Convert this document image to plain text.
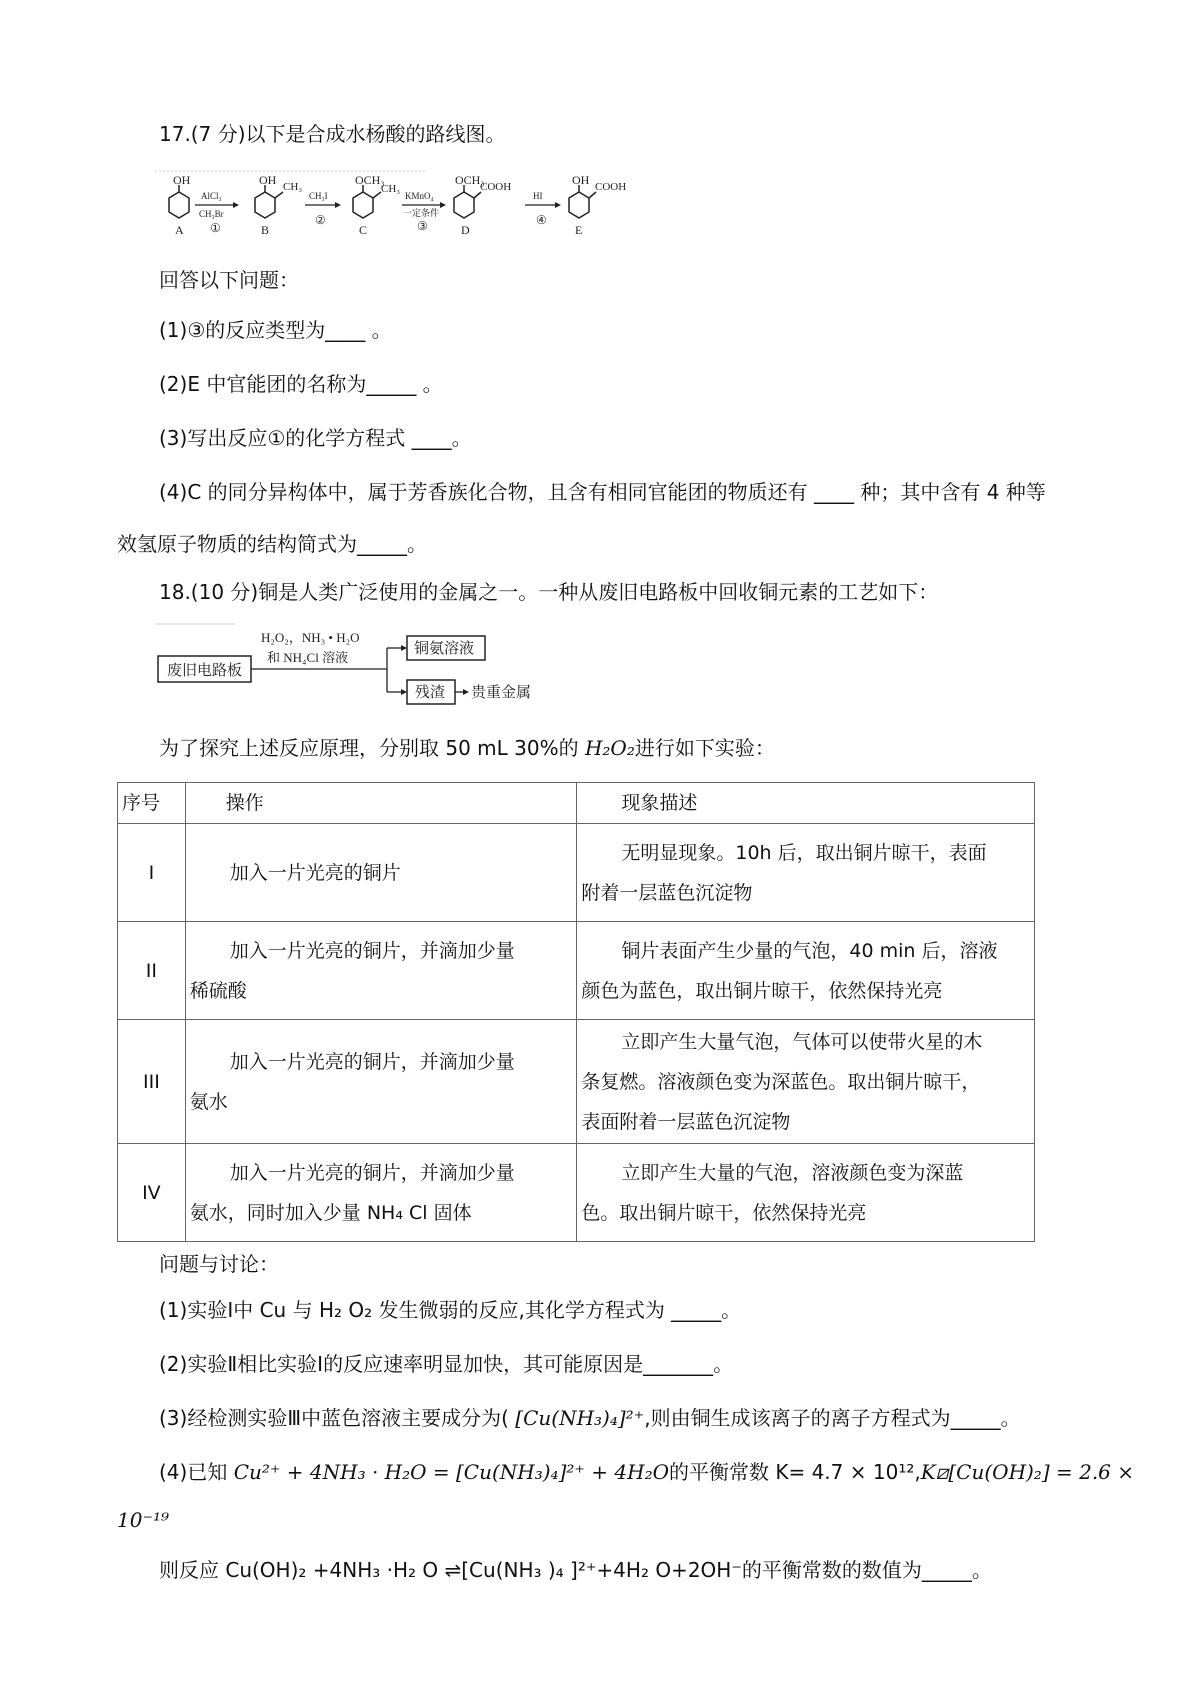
17.(7 分)以下是合成水杨酸的路线图。
OH
A
AlCl₃
CH₃Br
①
OH CH₃
B
CH₃I
②
OCH₃
CH₃
C
KMnO₄
一定条件
③
OCH₃
COOH
D
HI
④
OH COOH
E
回答以下问题：
(1)③的反应类型为____ 。
(2)E 中官能团的名称为_____ 。
(3)写出反应①的化学方程式 ____。
(4)C 的同分异构体中，属于芳香族化合物，且含有相同官能团的物质还有 ____ 种；其中含有 4 种等
效氢原子物质的结构简式为_____。
18.(10 分)铜是人类广泛使用的金属之一。一种从废旧电路板中回收铜元素的工艺如下：
废旧电路板
H₂O₂，NH₃ • H₂O
和 NH₄Cl 溶液
铜氨溶液
残渣 贵重金属
为了探究上述反应原理，分别取 50 mL 30%的 H₂O₂进行如下实验：
序号	操作	现象描述
I	加入一片光亮的铜片	无明显现象。10h 后，取出铜片晾干，表面
附着一层蓝色沉淀物
II	加入一片光亮的铜片，并滴加少量
稀硫酸	铜片表面产生少量的气泡，40 min 后，溶液
颜色为蓝色，取出铜片晾干，依然保持光亮
III	加入一片光亮的铜片，并滴加少量
氨水	立即产生大量气泡，气体可以使带火星的木
条复燃。溶液颜色变为深蓝色。取出铜片晾干，
表面附着一层蓝色沉淀物
IV	加入一片光亮的铜片，并滴加少量
氨水，同时加入少量 NH₄ Cl 固体	立即产生大量的气泡，溶液颜色变为深蓝
色。取出铜片晾干，依然保持光亮
问题与讨论：
(1)实验Ⅰ中 Cu 与 H₂ O₂ 发生微弱的反应,其化学方程式为 _____。
(2)实验Ⅱ相比实验Ⅰ的反应速率明显加快，其可能原因是_______。
(3)经检测实验Ⅲ中蓝色溶液主要成分为( [Cu(NH₃)₄]²⁺,则由铜生成该离子的离子方程式为_____。
(4)已知 Cu²⁺ + 4NH₃ · H₂O = [Cu(NH₃)₄]²⁺ + 4H₂O的平衡常数 K= 4.7 × 10¹²,K⧄[Cu(OH)₂] = 2.6 ×
10⁻¹⁹
则反应 Cu(OH)₂ +4NH₃ ·H₂ O ⇌[Cu(NH₃ )₄ ]²⁺+4H₂ O+2OH⁻的平衡常数的数值为_____。
